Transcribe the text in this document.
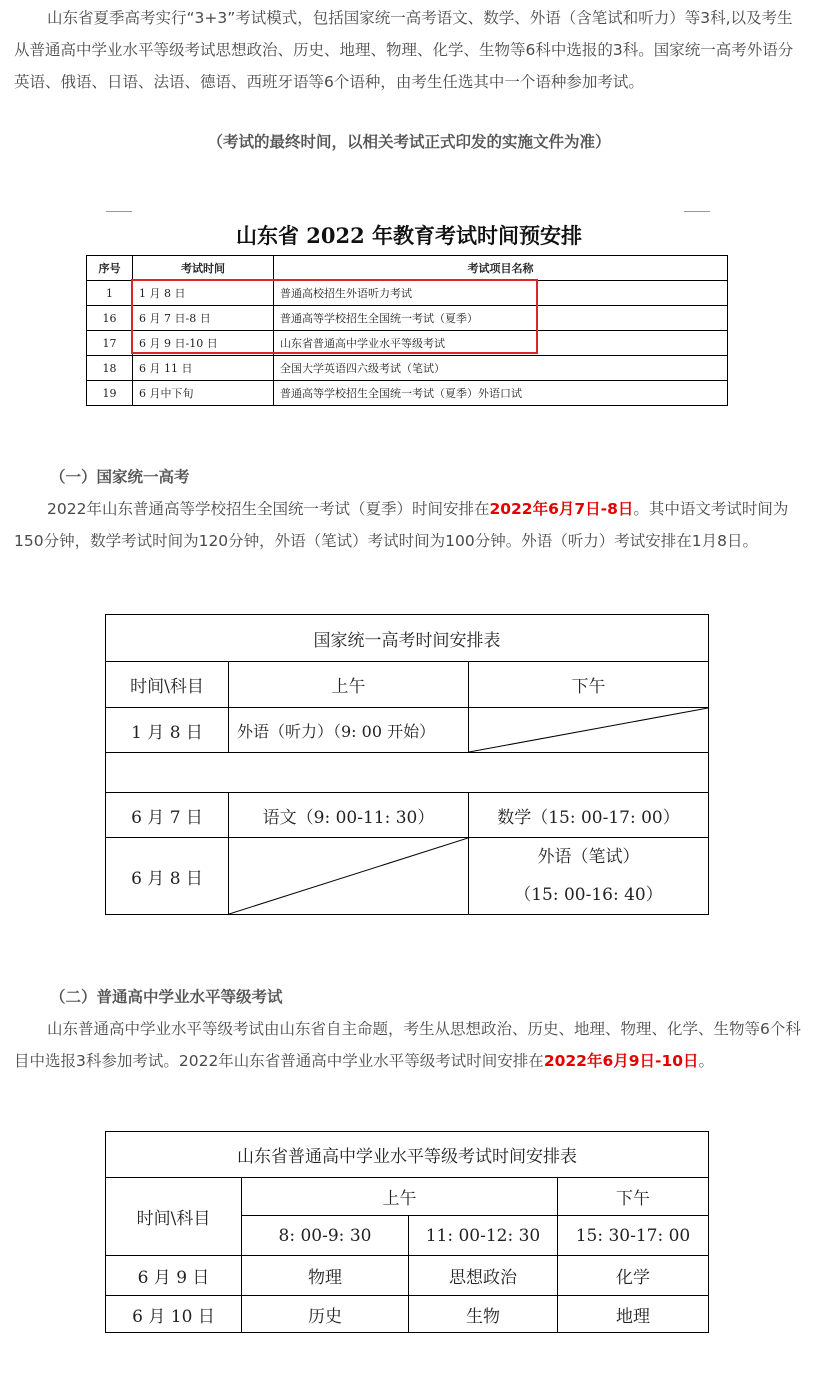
山东省夏季高考实行“3+3”考试模式，包括国家统一高考语文、数学、外语（含笔试和听力）等3科,以及考生从普通高中学业水平等级考试思想政治、历史、地理、物理、化学、生物等6科中选报的3科。国家统一高考外语分英语、俄语、日语、法语、德语、西班牙语等6个语种，由考生任选其中一个语种参加考试。

（考试的最终时间，以相关考试正式印发的实施文件为准）
山东省 2022 年教育考试时间预安排
序号	考试时间	考试项目名称
1	1 月 8 日	普通高校招生外语听力考试
16	6 月 7 日-8 日	普通高等学校招生全国统一考试（夏季）
17	6 月 9 日-10 日	山东省普通高中学业水平等级考试
18	6 月 11 日	全国大学英语四六级考试（笔试）
19	6 月中下旬	普通高等学校招生全国统一考试（夏季）外语口试
（一）国家统一高考

2022年山东普通高等学校招生全国统一考试（夏季）时间安排在2022年6月7日-8日。其中语文考试时间为150分钟，数学考试时间为120分钟，外语（笔试）考试时间为100分钟。外语（听力）考试安排在1月8日。

国家统一高考时间安排表		
时间\科目	上午	下午
1 月 8 日	外语（听力）（9: 00 开始）	

6 月 7 日	语文（9: 00-11: 30）	数学（15: 00-17: 00）
6 月 8 日		外语（笔试）
（15: 00-16: 40）
（二）普通高中学业水平等级考试

山东普通高中学业水平等级考试由山东省自主命题，考生从思想政治、历史、地理、物理、化学、生物等6个科目中选报3科参加考试。2022年山东省普通高中学业水平等级考试时间安排在2022年6月9日-10日。

山东省普通高中学业水平等级考试时间安排表			
时间\科目	上午		下午
	8: 00-9: 30	11: 00-12: 30	15: 30-17: 00
6 月 9 日	物理	思想政治	化学
6 月 10 日	历史	生物	地理
